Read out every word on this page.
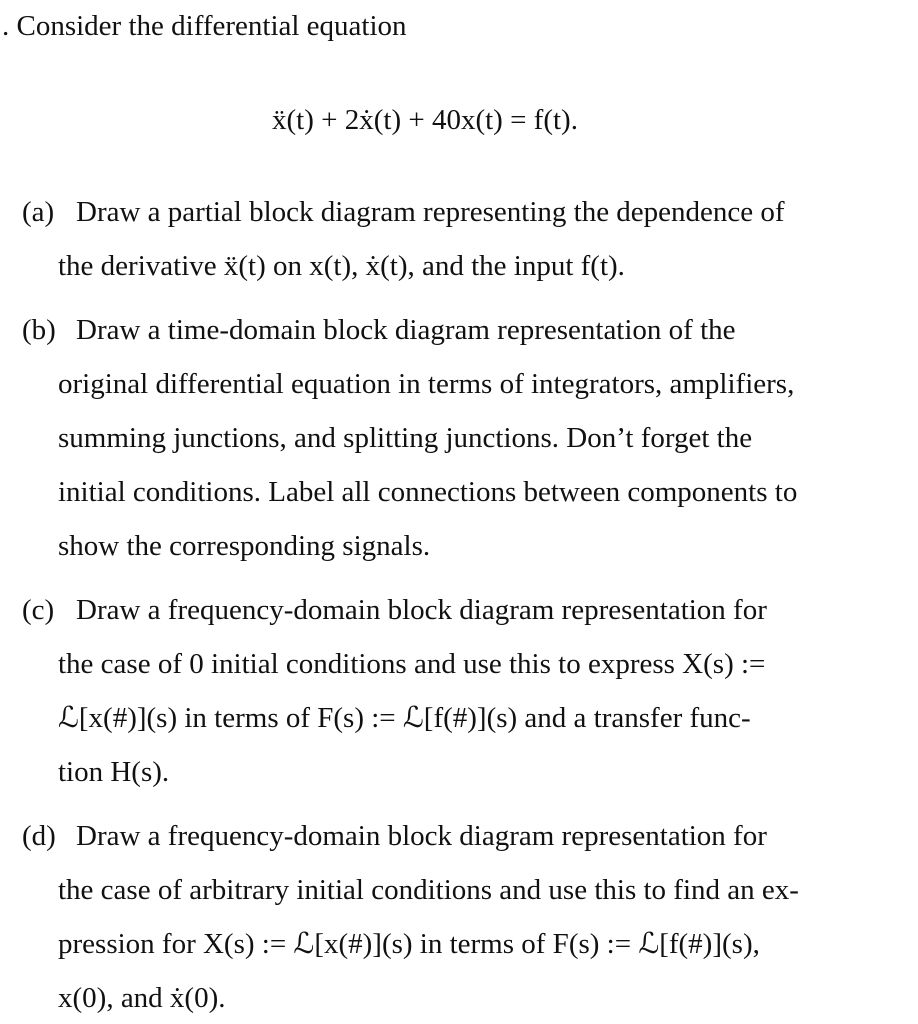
. Consider the differential equation
ẍ(t) + 2ẋ(t) + 40x(t) = f(t).
(a) Draw a partial block diagram representing the dependence of
the derivative ẍ(t) on x(t), ẋ(t), and the input f(t).
(b) Draw a time-domain block diagram representation of the
original differential equation in terms of integrators, amplifiers,
summing junctions, and splitting junctions. Don’t forget the
initial conditions. Label all connections between components to
show the corresponding signals.
(c) Draw a frequency-domain block diagram representation for
the case of 0 initial conditions and use this to express X(s) :=
ℒ[x(#)](s) in terms of F(s) := ℒ[f(#)](s) and a transfer func-
tion H(s).
(d) Draw a frequency-domain block diagram representation for
the case of arbitrary initial conditions and use this to find an ex-
pression for X(s) := ℒ[x(#)](s) in terms of F(s) := ℒ[f(#)](s),
x(0), and ẋ(0).
